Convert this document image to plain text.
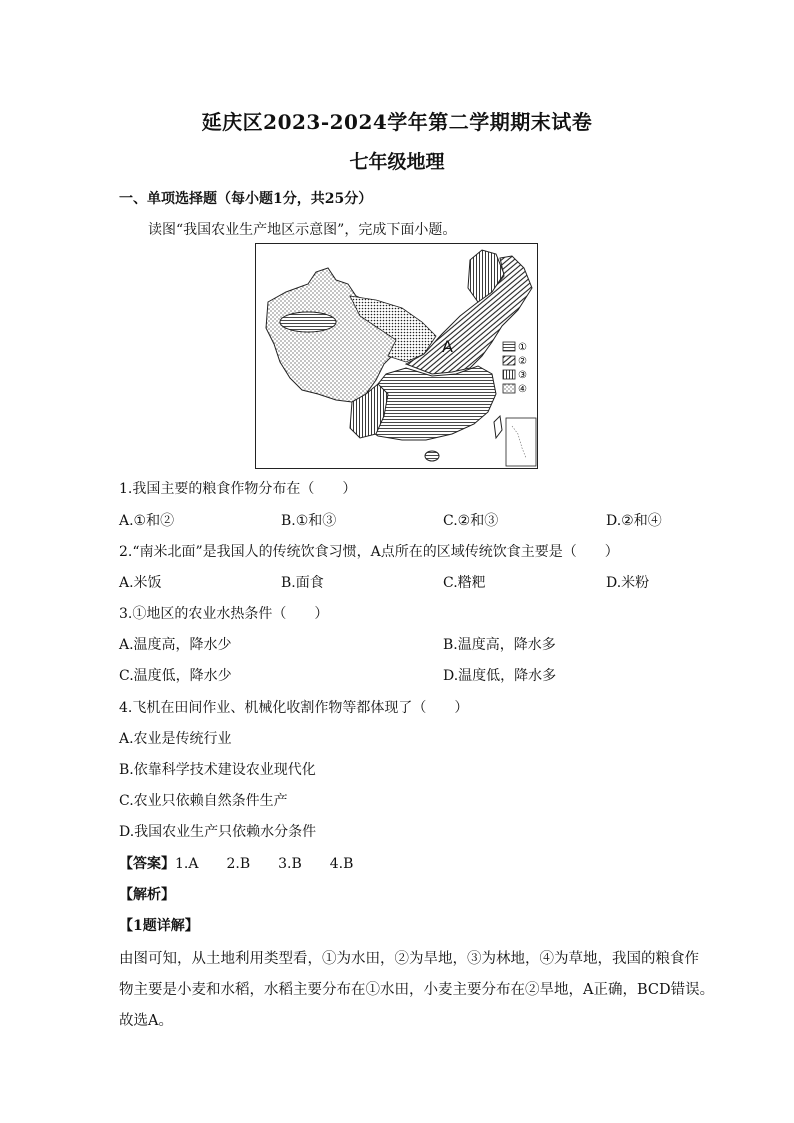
延庆区2023-2024学年第二学期期末试卷
七年级地理
一、单项选择题（每小题1分，共25分）
读图“我国农业生产地区示意图”，完成下面小题。
A	①
②
③
④
1.我国主要的粮食作物分布在（　　）
A.①和②	B.①和③	C.②和③	D.②和④
2.“南米北面”是我国人的传统饮食习惯，A点所在的区域传统饮食主要是（　　）
A.米饭	B.面食	C.糌粑	D.米粉
3.①地区的农业水热条件（　　）
A.温度高，降水少	B.温度高，降水多
C.温度低，降水少	D.温度低，降水多
4.飞机在田间作业、机械化收割作物等都体现了（　　）
A.农业是传统行业
B.依靠科学技术建设农业现代化
C.农业只依赖自然条件生产
D.我国农业生产只依赖水分条件
【答案】1.A　　2.B　　3.B　　4.B
【解析】
【1题详解】
由图可知，从土地利用类型看，①为水田，②为旱地，③为林地，④为草地，我国的粮食作
物主要是小麦和水稻，水稻主要分布在①水田，小麦主要分布在②旱地，A正确，BCD错误。
故选A。
